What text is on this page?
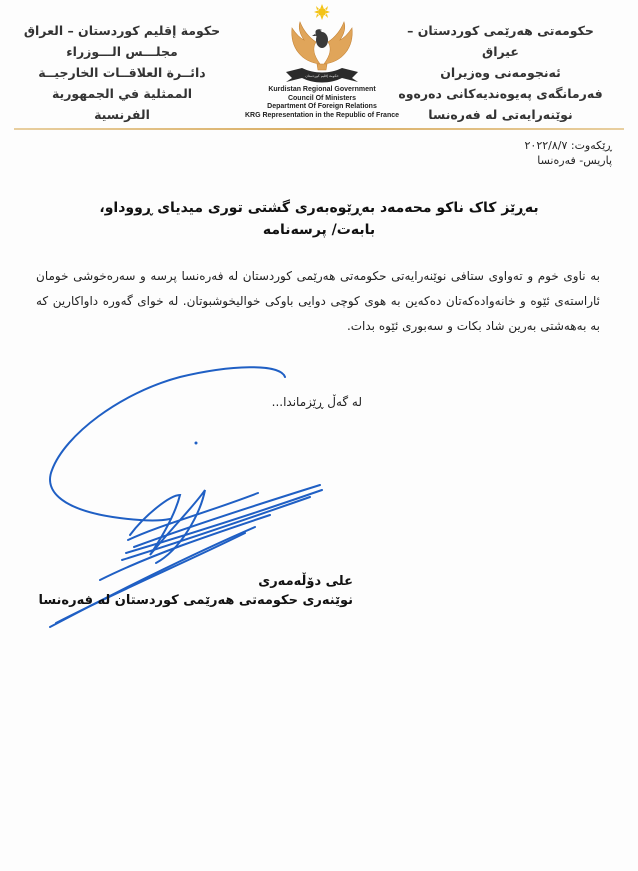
حكومة إقليم كوردستان – العراق
مجلـــس الـــوزراء
دائــرة العلاقــات الخارجيــة
الممثلية في الجمهورية الفرنسية
حكومة إقليم كوردستان
Kurdistan Regional Government
Council Of Ministers
Department Of Foreign Relations
KRG Representation in the Republic of France
حکومەتی هەرێمی کوردستان – عیراق
ئەنجومەنی وەزیران
فەرمانگەی پەیوەندیەکانی دەرەوە
نوێنەرایەتی لە فەرەنسا
ڕێکەوت: ٢٠٢٢/٨/٧
پاریس- فەرەنسا
بەڕێز کاک ناکو محەمەد بەڕێوەبەری گشتی توری میدیای ڕووداو،
بابەت/ پرسەنامە
بە ناوی خوم و تەواوی ستافی نوێنەرایەتی حکومەتی هەرێمی کوردستان لە فەرەنسا پرسە و سەرەخوشی خومان ئاراستەی ئێوە و خانەوادەکەتان دەکەین بە هوی کوچی دوایی باوکی خوالیخوشبوتان. لە خوای گەورە داواکارین کە بە بەهەشتی بەرین شاد بکات و سەبوری ئێوە بدات.
لە گەڵ ڕێزماندا...
علی دۆڵەمەری
نوێنەری حکومەتی هەرێمی کوردستان لە فەرەنسا
